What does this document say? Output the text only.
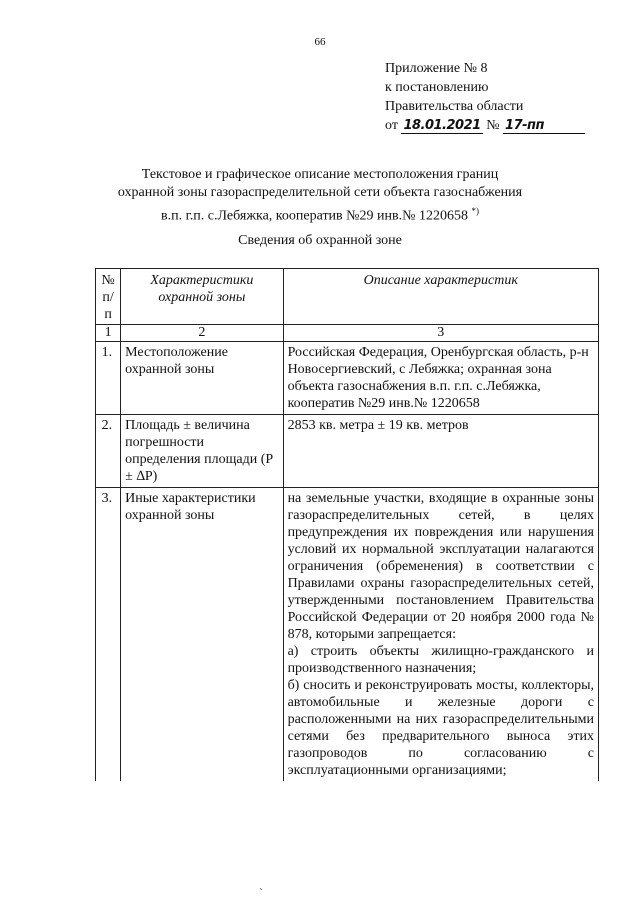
66
Приложение № 8
к постановлению
Правительства области
от 18.01.2021 № 17-пп
Текстовое и графическое описание местоположения границ
охранной зоны газораспределительной сети объекта газоснабжения
в.п. г.п. с.Лебяжка, кооператив №29 инв.№ 1220658 *)
Сведения об охранной зоне
№ п/п	Характеристики охранной зоны	Описание характеристик
1	2	3
1.	Местоположение охранной зоны	Российская Федерация, Оренбургская область, р-н Новосергиевский, с Лебяжка; охранная зона объекта газоснабжения в.п. г.п. с.Лебяжка, кооператив №29 инв.№ 1220658
2.	Площадь ± величина погрешности определения площади (P ± ∆P)	2853 кв. метра ± 19 кв. метров
3.	Иные характеристики охранной зоны	на земельные участки, входящие в охранные зоны газораспределительных сетей, в целях предупреждения их повреждения или нарушения условий их нормальной эксплуатации налагаются ограничения (обременения) в соответствии с Правилами охраны газораспределительных сетей, утвержденными постановлением Правительства Российской Федерации от 20 ноября 2000 года № 878, которыми запрещается:
а) строить объекты жилищно-гражданского и производственного назначения;
б) сносить и реконструировать мосты, коллекторы, автомобильные и железные дороги с расположенными на них газораспределительными сетями без предварительного выноса этих газопроводов по согласованию с эксплуатационными организациями;
`
